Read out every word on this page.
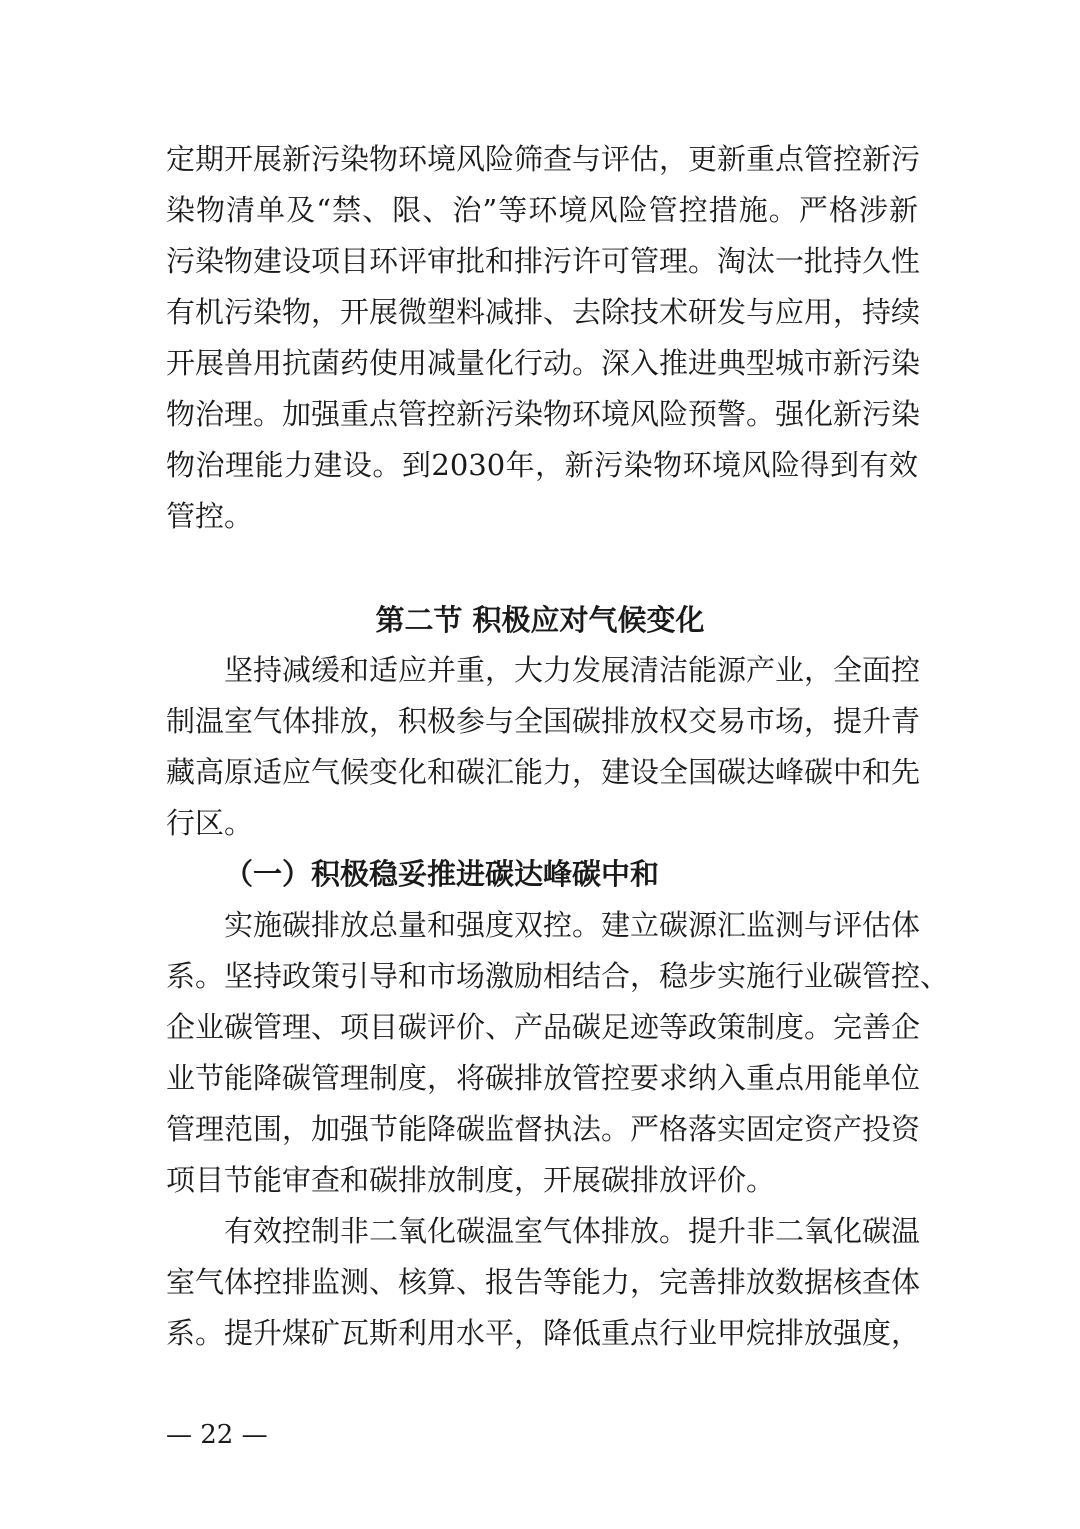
定期开展新污染物环境风险筛查与评估，更新重点管控新污
染物清单及“禁、限、治”等环境风险管控措施。严格涉新
污染物建设项目环评审批和排污许可管理。淘汰一批持久性
有机污染物，开展微塑料减排、去除技术研发与应用，持续
开展兽用抗菌药使用减量化行动。深入推进典型城市新污染
物治理。加强重点管控新污染物环境风险预警。强化新污染
物治理能力建设。到2030年，新污染物环境风险得到有效
管控。
第二节 积极应对气候变化
坚持减缓和适应并重，大力发展清洁能源产业，全面控
制温室气体排放，积极参与全国碳排放权交易市场，提升青
藏高原适应气候变化和碳汇能力，建设全国碳达峰碳中和先
行区。
（一）积极稳妥推进碳达峰碳中和
实施碳排放总量和强度双控。建立碳源汇监测与评估体
系。坚持政策引导和市场激励相结合，稳步实施行业碳管控、
企业碳管理、项目碳评价、产品碳足迹等政策制度。完善企
业节能降碳管理制度，将碳排放管控要求纳入重点用能单位
管理范围，加强节能降碳监督执法。严格落实固定资产投资
项目节能审查和碳排放制度，开展碳排放评价。
有效控制非二氧化碳温室气体排放。提升非二氧化碳温
室气体控排监测、核算、报告等能力，完善排放数据核查体
系。提升煤矿瓦斯利用水平，降低重点行业甲烷排放强度，
— 22 —
